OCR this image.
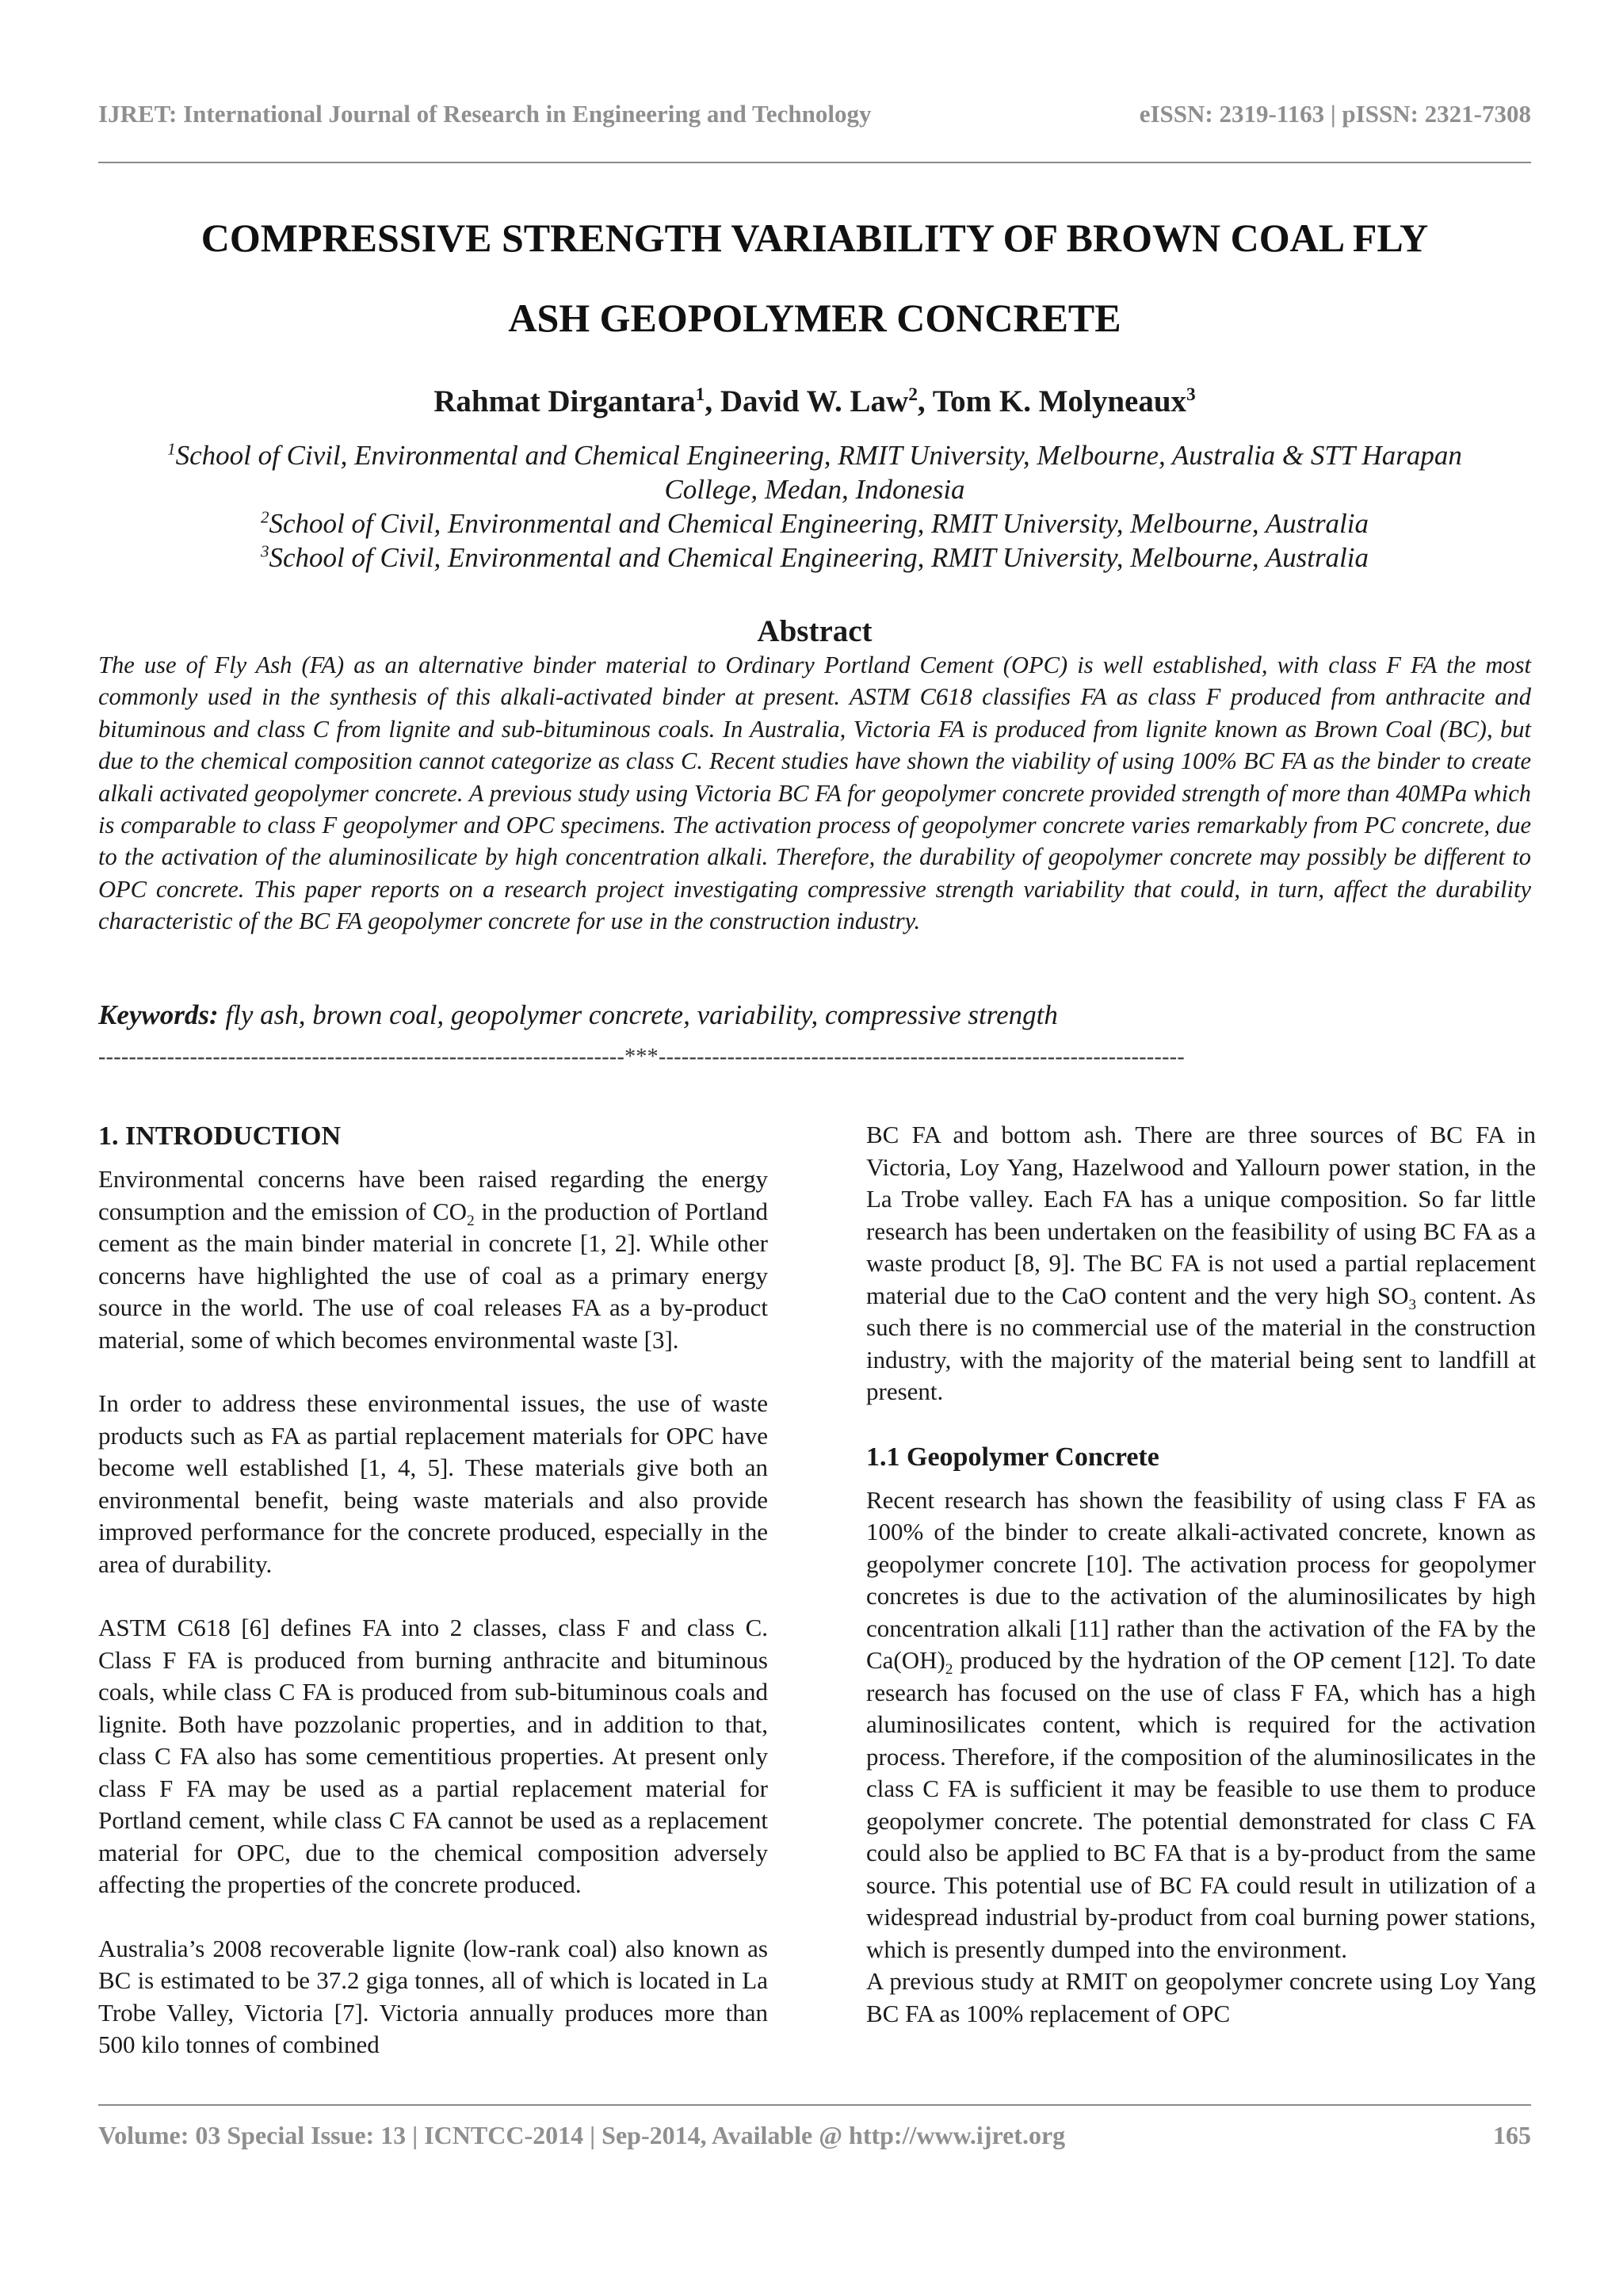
IJRET: International Journal of Research in Engineering and Technology	eISSN: 2319-1163 | pISSN: 2321-7308
COMPRESSIVE STRENGTH VARIABILITY OF BROWN COAL FLY
ASH GEOPOLYMER CONCRETE
Rahmat Dirgantara$^1$, David W. Law$^2$, Tom K. Molyneaux$^3$
$^1$School of Civil, Environmental and Chemical Engineering, RMIT University, Melbourne, Australia & STT Harapan
College, Medan, Indonesia
$^2$School of Civil, Environmental and Chemical Engineering, RMIT University, Melbourne, Australia
$^3$School of Civil, Environmental and Chemical Engineering, RMIT University, Melbourne, Australia
Abstract
The use of Fly Ash (FA) as an alternative binder material to Ordinary Portland Cement (OPC) is well established, with class F FA the most commonly used in the synthesis of this alkali-activated binder at present. ASTM C618 classifies FA as class F produced from anthracite and bituminous and class C from lignite and sub-bituminous coals. In Australia, Victoria FA is produced from lignite known as Brown Coal (BC), but due to the chemical composition cannot categorize as class C. Recent studies have shown the viability of using 100% BC FA as the binder to create alkali activated geopolymer concrete. A previous study using Victoria BC FA for geopolymer concrete provided strength of more than 40MPa which is comparable to class F geopolymer and OPC specimens. The activation process of geopolymer concrete varies remarkably from PC concrete, due to the activation of the aluminosilicate by high concentration alkali. Therefore, the durability of geopolymer concrete may possibly be different to OPC concrete. This paper reports on a research project investigating compressive strength variability that could, in turn, affect the durability characteristic of the BC FA geopolymer concrete for use in the construction industry.
Keywords: fly ash, brown coal, geopolymer concrete, variability, compressive strength
---------------------------------------------------------------------***---------------------------------------------------------------------
1. INTRODUCTION

Environmental concerns have been raised regarding the energy consumption and the emission of $CO_2$ in the production of Portland cement as the main binder material in concrete [1, 2]. While other concerns have highlighted the use of coal as a primary energy source in the world. The use of coal releases FA as a by-product material, some of which becomes environmental waste [3].

In order to address these environmental issues, the use of waste products such as FA as partial replacement materials for OPC have become well established [1, 4, 5]. These materials give both an environmental benefit, being waste materials and also provide improved performance for the concrete produced, especially in the area of durability.

ASTM C618 [6] defines FA into 2 classes, class F and class C. Class F FA is produced from burning anthracite and bituminous coals, while class C FA is produced from sub-bituminous coals and lignite. Both have pozzolanic properties, and in addition to that, class C FA also has some cementitious properties. At present only class F FA may be used as a partial replacement material for Portland cement, while class C FA cannot be used as a replacement material for OPC, due to the chemical composition adversely affecting the properties of the concrete produced.

Australia’s 2008 recoverable lignite (low-rank coal) also known as BC is estimated to be 37.2 giga tonnes, all of which is located in La Trobe Valley, Victoria [7]. Victoria annually produces more than 500 kilo tonnes of combined

BC FA and bottom ash. There are three sources of BC FA in Victoria, Loy Yang, Hazelwood and Yallourn power station, in the La Trobe valley. Each FA has a unique composition. So far little research has been undertaken on the feasibility of using BC FA as a waste product [8, 9]. The BC FA is not used a partial replacement material due to the CaO content and the very high $SO_3$ content. As such there is no commercial use of the material in the construction industry, with the majority of the material being sent to landfill at present.

1.1 Geopolymer Concrete

Recent research has shown the feasibility of using class F FA as 100% of the binder to create alkali-activated concrete, known as geopolymer concrete [10]. The activation process for geopolymer concretes is due to the activation of the aluminosilicates by high concentration alkali [11] rather than the activation of the FA by the $Ca(OH)_2$ produced by the hydration of the OP cement [12]. To date research has focused on the use of class F FA, which has a high aluminosilicates content, which is required for the activation process. Therefore, if the composition of the aluminosilicates in the class C FA is sufficient it may be feasible to use them to produce geopolymer concrete. The potential demonstrated for class C FA could also be applied to BC FA that is a by-product from the same source. This potential use of BC FA could result in utilization of a widespread industrial by-product from coal burning power stations, which is presently dumped into the environment.

A previous study at RMIT on geopolymer concrete using Loy Yang BC FA as 100% replacement of OPC

Volume: 03 Special Issue: 13 | ICNTCC-2014 | Sep-2014, Available @ http://www.ijret.org	165
